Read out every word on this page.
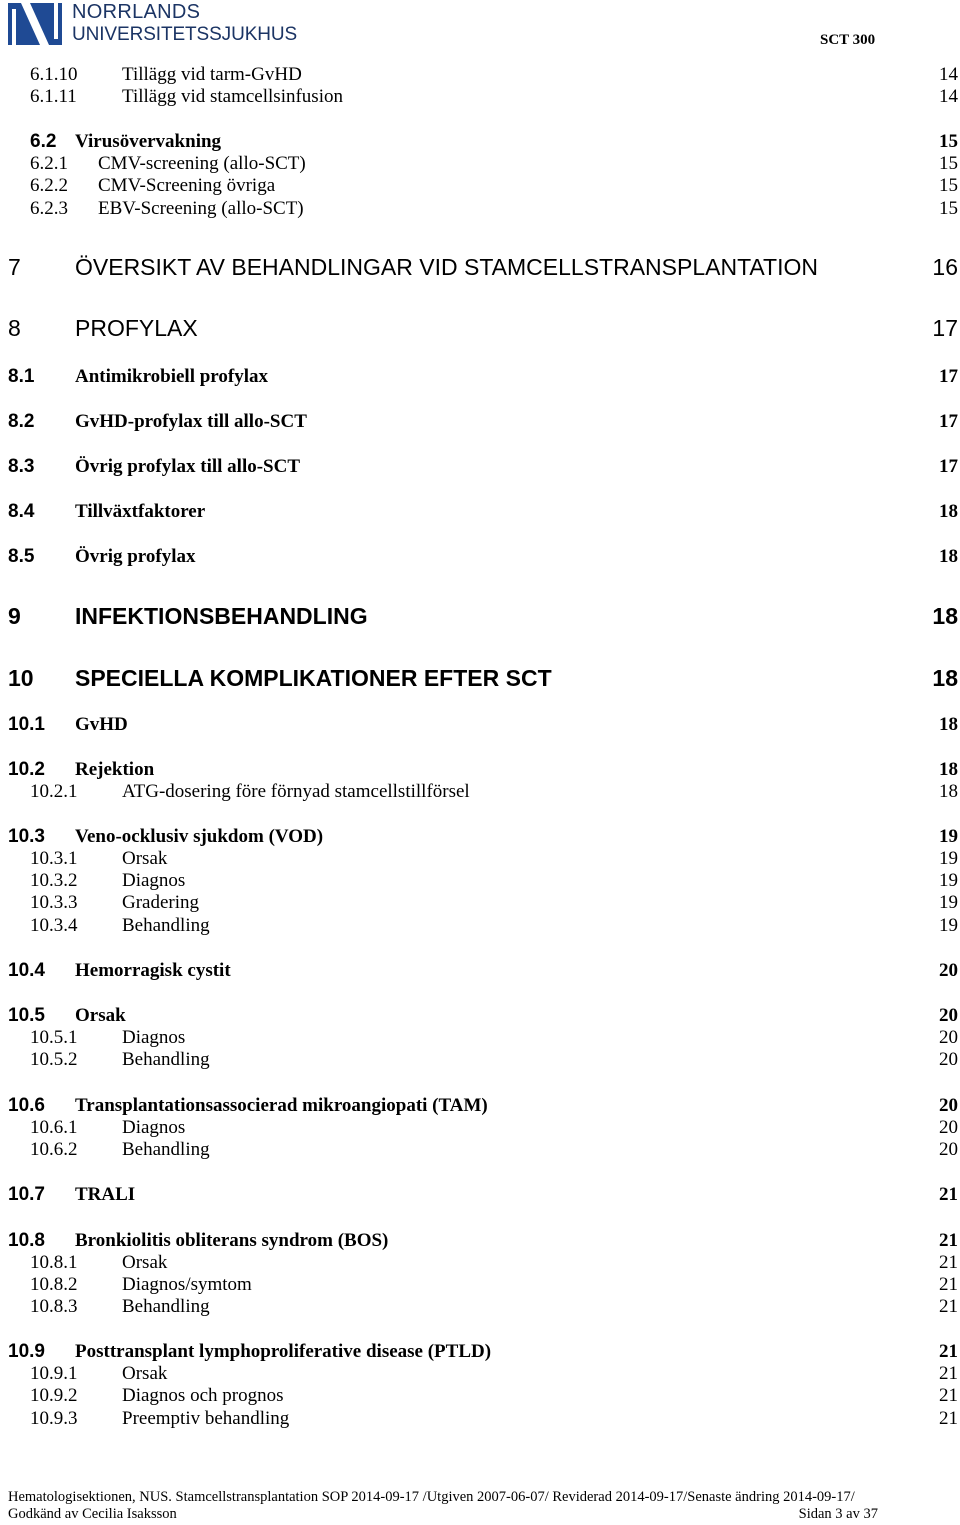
NORRLANDS
UNIVERSITETSSJUKHUS	SCT 300
6.1.10 Tillägg vid tarm-GvHD	14
6.1.11 Tillägg vid stamcellsinfusion	14
6.2 Virusövervakning	15
6.2.1 CMV-screening (allo-SCT)	15
6.2.2 CMV-Screening övriga	15
6.2.3 EBV-Screening (allo-SCT)	15
7 ÖVERSIKT AV BEHANDLINGAR VID STAMCELLSTRANSPLANTATION	16
8 PROFYLAX	17
8.1 Antimikrobiell profylax	17
8.2 GvHD-profylax till allo-SCT	17
8.3 Övrig profylax till allo-SCT	17
8.4 Tillväxtfaktorer	18
8.5 Övrig profylax	18
9 INFEKTIONSBEHANDLING	18
10 SPECIELLA KOMPLIKATIONER EFTER SCT	18
10.1 GvHD	18
10.2 Rejektion	18
10.2.1 ATG-dosering före förnyad stamcellstillförsel	18
10.3 Veno-ocklusiv sjukdom (VOD)	19
10.3.1 Orsak	19
10.3.2 Diagnos	19
10.3.3 Gradering	19
10.3.4 Behandling	19
10.4 Hemorragisk cystit	20
10.5 Orsak	20
10.5.1 Diagnos	20
10.5.2 Behandling	20
10.6 Transplantationsassocierad mikroangiopati (TAM)	20
10.6.1 Diagnos	20
10.6.2 Behandling	20
10.7 TRALI	21
10.8 Bronkiolitis obliterans syndrom (BOS)	21
10.8.1 Orsak	21
10.8.2 Diagnos/symtom	21
10.8.3 Behandling	21
10.9 Posttransplant lymphoproliferative disease (PTLD)	21
10.9.1 Orsak	21
10.9.2 Diagnos och prognos	21
10.9.3 Preemptiv behandling	21
Hematologisektionen, NUS. Stamcellstransplantation SOP 2014-09-17 /Utgiven 2007-06-07/ Reviderad 2014-09-17/Senaste ändring 2014-09-17/
Godkänd av Cecilia Isaksson	Sidan 3 av 37
